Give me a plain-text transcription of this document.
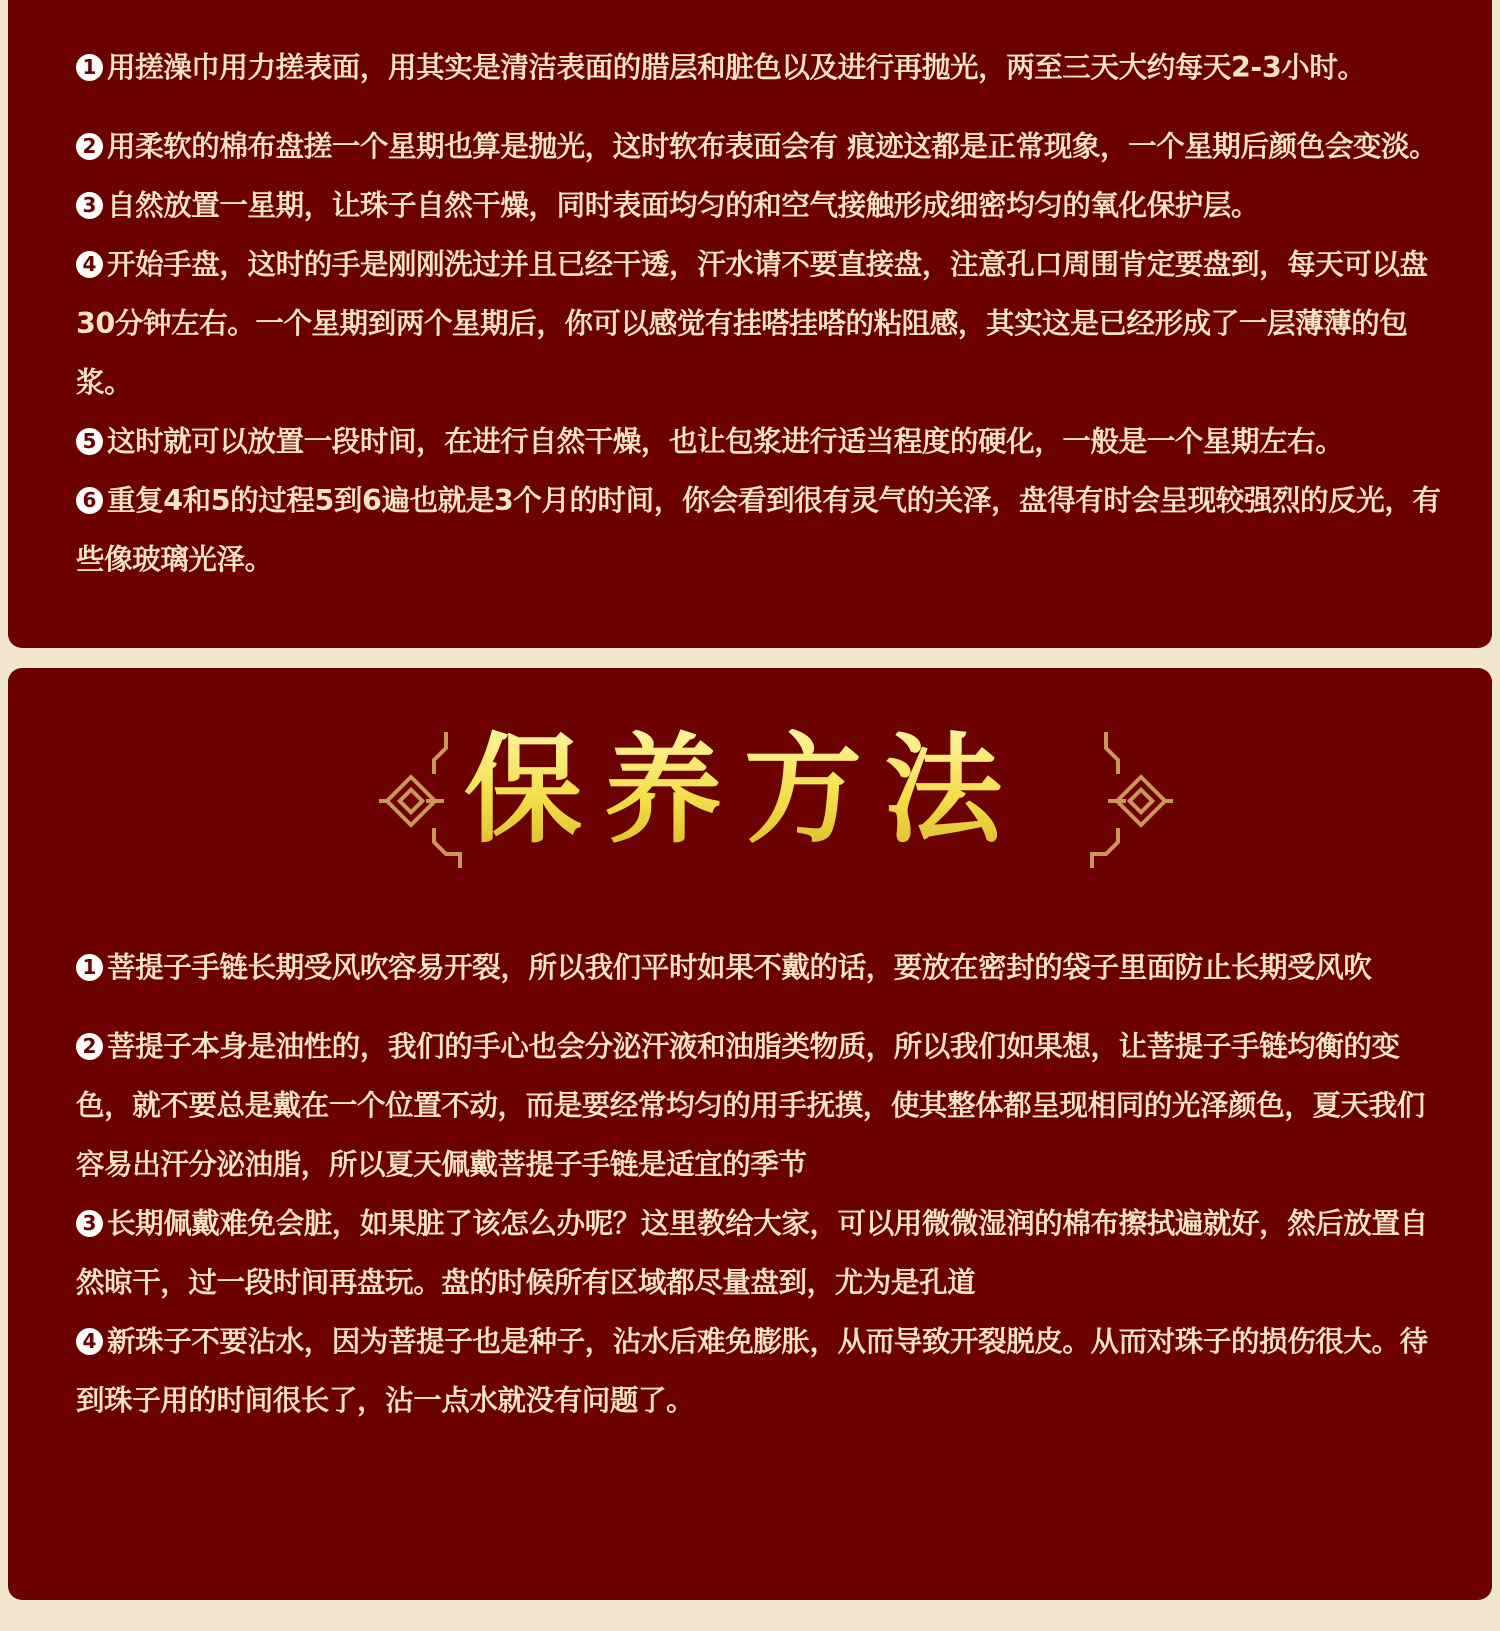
1 用搓澡巾用力搓表面，用其实是清洁表面的腊层和脏色以及进行再抛光，两至三天大约每天2-3小时。
2 用柔软的棉布盘搓一个星期也算是抛光，这时软布表面会有 痕迹这都是正常现象，一个星期后颜色会变淡。
3 自然放置一星期，让珠子自然干燥，同时表面均匀的和空气接触形成细密均匀的氧化保护层。
4 开始手盘，这时的手是刚刚洗过并且已经干透，汗水请不要直接盘，注意孔口周围肯定要盘到，每天可以盘30分钟左右。一个星期到两个星期后，你可以感觉有挂嗒挂嗒的粘阻感，其实这是已经形成了一层薄薄的包浆。
5 这时就可以放置一段时间，在进行自然干燥，也让包浆进行适当程度的硬化，一般是一个星期左右。
6 重复4和5的过程5到6遍也就是3个月的时间，你会看到很有灵气的关泽，盘得有时会呈现较强烈的反光，有些像玻璃光泽。
保养方法
1 菩提子手链长期受风吹容易开裂，所以我们平时如果不戴的话，要放在密封的袋子里面防止长期受风吹
2 菩提子本身是油性的，我们的手心也会分泌汗液和油脂类物质，所以我们如果想，让菩提子手链均衡的变色，就不要总是戴在一个位置不动，而是要经常均匀的用手抚摸，使其整体都呈现相同的光泽颜色，夏天我们容易出汗分泌油脂，所以夏天佩戴菩提子手链是适宜的季节
3 长期佩戴难免会脏，如果脏了该怎么办呢？这里教给大家，可以用微微湿润的棉布擦拭遍就好，然后放置自然晾干，过一段时间再盘玩。盘的时候所有区域都尽量盘到，尤为是孔道
4 新珠子不要沾水，因为菩提子也是种子，沾水后难免膨胀，从而导致开裂脱皮。从而对珠子的损伤很大。待到珠子用的时间很长了，沾一点水就没有问题了。
